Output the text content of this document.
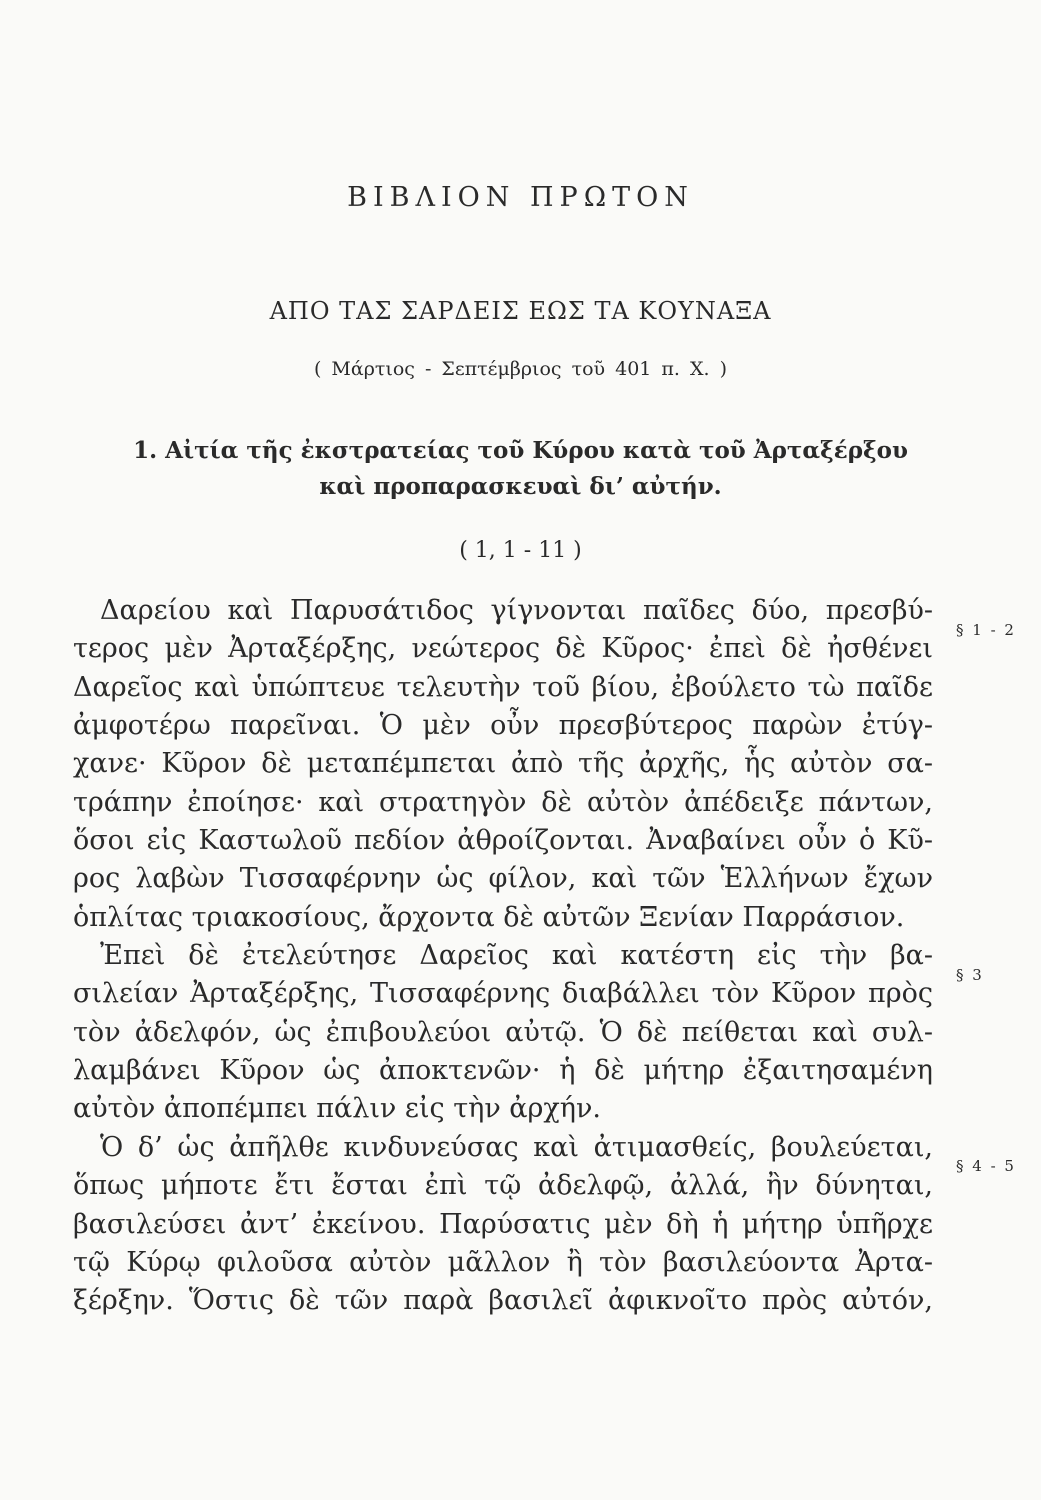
ΒΙΒΛΙΟΝ ΠΡΩΤΟΝ
ΑΠΟ ΤΑΣ ΣΑΡΔΕΙΣ ΕΩΣ ΤΑ ΚΟΥΝΑΞΑ
( Μάρτιος - Σεπτέμβριος τοῦ 401 π. Χ. )
1. Αἰτία τῆς ἐκστρατείας τοῦ Κύρου κατὰ τοῦ Ἀρταξέρξου
καὶ προπαρασκευαὶ δι’ αὐτήν.
( 1, 1 - 11 )
Δαρείου καὶ Παρυσάτιδος γίγνονται παῖδες δύο, πρεσβύ-
τερος μὲν Ἀρταξέρξης, νεώτερος δὲ Κῦρος· ἐπεὶ δὲ ἠσθένει
Δαρεῖος καὶ ὑπώπτευε τελευτὴν τοῦ βίου, ἐβούλετο τὼ παῖδε
ἀμφοτέρω παρεῖναι. Ὁ μὲν οὖν πρεσβύτερος παρὼν ἐτύγ-
χανε· Κῦρον δὲ μεταπέμπεται ἀπὸ τῆς ἀρχῆς, ἧς αὐτὸν σα-
τράπην ἐποίησε· καὶ στρατηγὸν δὲ αὐτὸν ἀπέδειξε πάντων,
ὅσοι εἰς Καστωλοῦ πεδίον ἀθροίζονται. Ἀναβαίνει οὖν ὁ Κῦ-
ρος λαβὼν Τισσαφέρνην ὡς φίλον, καὶ τῶν Ἑλλήνων ἔχων
ὁπλίτας τριακοσίους, ἄρχοντα δὲ αὐτῶν Ξενίαν Παρράσιον.
Ἐπεὶ δὲ ἐτελεύτησε Δαρεῖος καὶ κατέστη εἰς τὴν βα-
σιλείαν Ἀρταξέρξης, Τισσαφέρνης διαβάλλει τὸν Κῦρον πρὸς
τὸν ἀδελφόν, ὡς ἐπιβουλεύοι αὐτῷ. Ὁ δὲ πείθεται καὶ συλ-
λαμβάνει Κῦρον ὡς ἀποκτενῶν· ἡ δὲ μήτηρ ἐξαιτησαμένη
αὐτὸν ἀποπέμπει πάλιν εἰς τὴν ἀρχήν.
Ὁ δ’ ὡς ἀπῆλθε κινδυνεύσας καὶ ἀτιμασθείς, βουλεύεται,
ὅπως μήποτε ἔτι ἔσται ἐπὶ τῷ ἀδελφῷ, ἀλλά, ἢν δύνηται,
βασιλεύσει ἀντ’ ἐκείνου. Παρύσατις μὲν δὴ ἡ μήτηρ ὑπῆρχε
τῷ Κύρῳ φιλοῦσα αὐτὸν μᾶλλον ἢ τὸν βασιλεύοντα Ἀρτα-
ξέρξην. Ὅστις δὲ τῶν παρὰ βασιλεῖ ἀφικνοῖτο πρὸς αὐτόν,
§ 1 - 2
§ 3
§ 4 - 5
